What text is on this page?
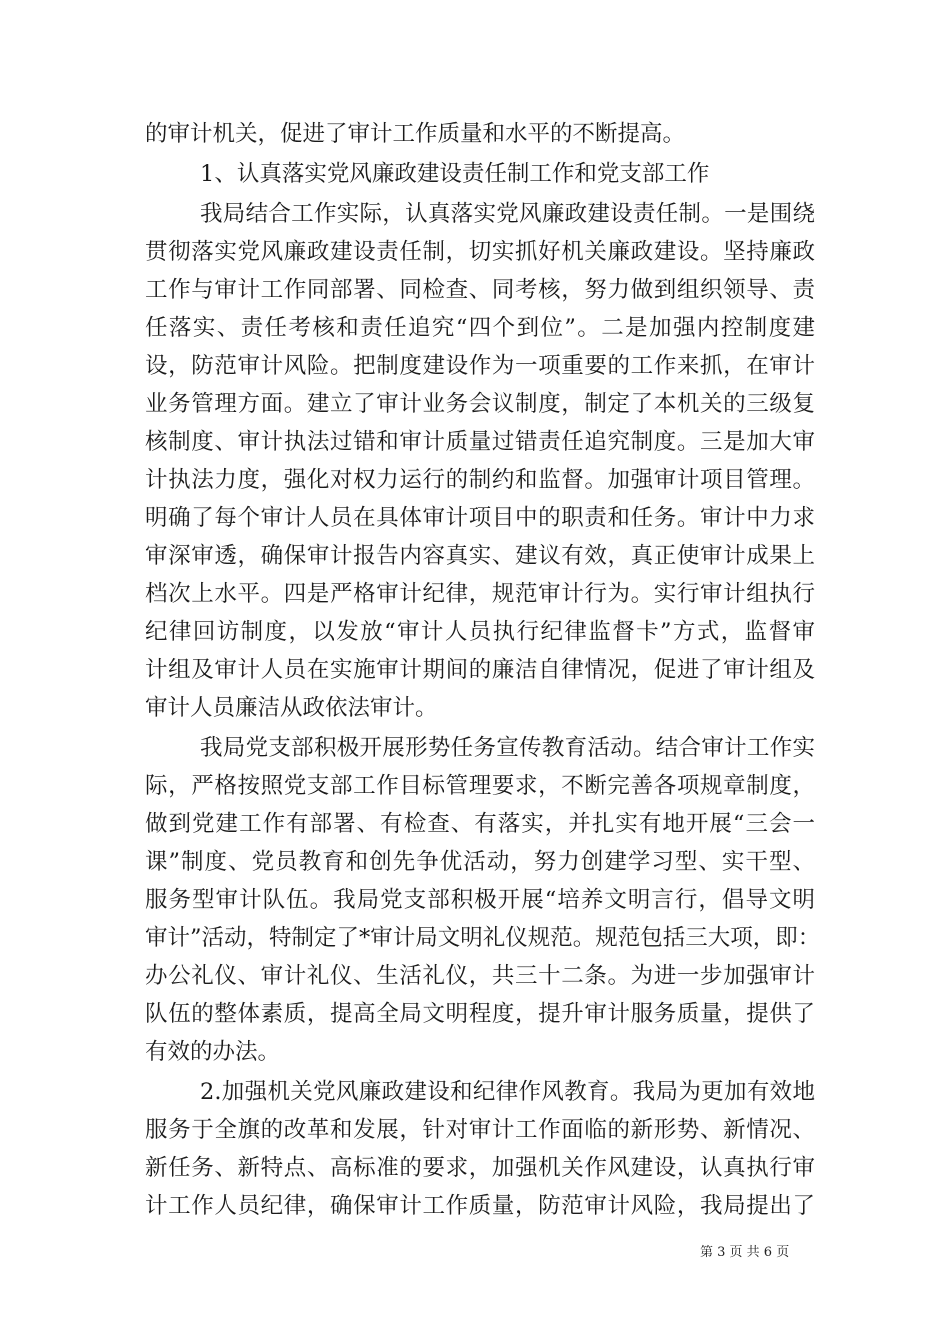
的审计机关，促进了审计工作质量和水平的不断提高。
1、认真落实党风廉政建设责任制工作和党支部工作
我局结合工作实际，认真落实党风廉政建设责任制。一是围绕
贯彻落实党风廉政建设责任制，切实抓好机关廉政建设。坚持廉政
工作与审计工作同部署、同检查、同考核，努力做到组织领导、责
任落实、责任考核和责任追究“四个到位”。二是加强内控制度建
设，防范审计风险。把制度建设作为一项重要的工作来抓，在审计
业务管理方面。建立了审计业务会议制度，制定了本机关的三级复
核制度、审计执法过错和审计质量过错责任追究制度。三是加大审
计执法力度，强化对权力运行的制约和监督。加强审计项目管理。
明确了每个审计人员在具体审计项目中的职责和任务。审计中力求
审深审透，确保审计报告内容真实、建议有效，真正使审计成果上
档次上水平。四是严格审计纪律，规范审计行为。实行审计组执行
纪律回访制度，以发放“审计人员执行纪律监督卡”方式，监督审
计组及审计人员在实施审计期间的廉洁自律情况，促进了审计组及
审计人员廉洁从政依法审计。
我局党支部积极开展形势任务宣传教育活动。结合审计工作实
际，严格按照党支部工作目标管理要求，不断完善各项规章制度，
做到党建工作有部署、有检查、有落实，并扎实有地开展“三会一
课”制度、党员教育和创先争优活动，努力创建学习型、实干型、
服务型审计队伍。我局党支部积极开展“培养文明言行，倡导文明
审计”活动，特制定了*审计局文明礼仪规范。规范包括三大项，即：
办公礼仪、审计礼仪、生活礼仪，共三十二条。为进一步加强审计
队伍的整体素质，提高全局文明程度，提升审计服务质量，提供了
有效的办法。
2.加强机关党风廉政建设和纪律作风教育。我局为更加有效地
服务于全旗的改革和发展，针对审计工作面临的新形势、新情况、
新任务、新特点、高标准的要求，加强机关作风建设，认真执行审
计工作人员纪律，确保审计工作质量，防范审计风险，我局提出了
第 3 页 共 6 页
